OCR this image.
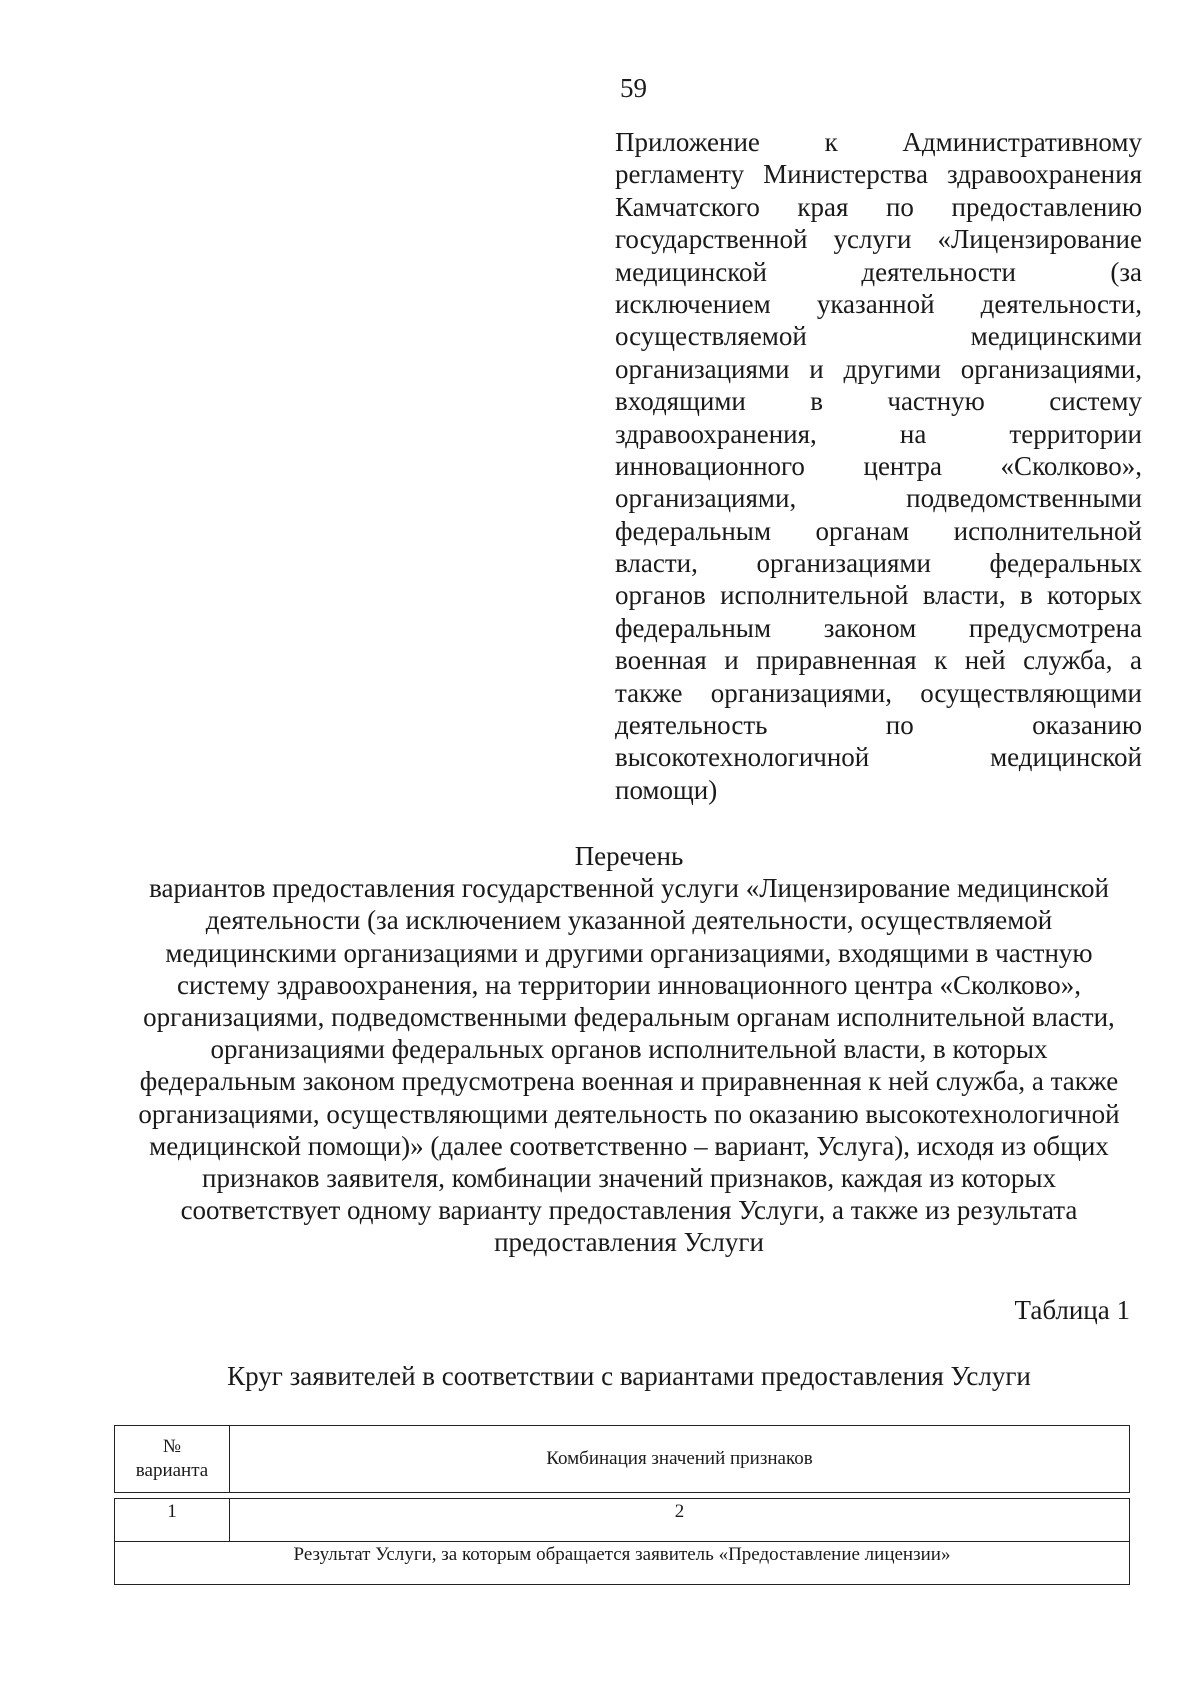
59
Приложение к Административному
регламенту Министерства здравоохранения
Камчатского края по предоставлению
государственной услуги «Лицензирование
медицинской деятельности (за
исключением указанной деятельности,
осуществляемой медицинскими
организациями и другими организациями,
входящими в частную систему
здравоохранения, на территории
инновационного центра «Сколково»,
организациями, подведомственными
федеральным органам исполнительной
власти, организациями федеральных
органов исполнительной власти, в которых
федеральным законом предусмотрена
военная и приравненная к ней служба, а
также организациями, осуществляющими
деятельность по оказанию
высокотехнологичной медицинской
помощи)
Перечень
вариантов предоставления государственной услуги «Лицензирование медицинской
деятельности (за исключением указанной деятельности, осуществляемой
медицинскими организациями и другими организациями, входящими в частную
систему здравоохранения, на территории инновационного центра «Сколково»,
организациями, подведомственными федеральным органам исполнительной власти,
организациями федеральных органов исполнительной власти, в которых
федеральным законом предусмотрена военная и приравненная к ней служба, а также
организациями, осуществляющими деятельность по оказанию высокотехнологичной
медицинской помощи)» (далее соответственно – вариант, Услуга), исходя из общих
признаков заявителя, комбинации значений признаков, каждая из которых
соответствует одному варианту предоставления Услуги, а также из результата
предоставления Услуги
Таблица 1
Круг заявителей в соответствии с вариантами предоставления Услуги
№
варианта	Комбинация значений признаков

1	2
Результат Услуги, за которым обращается заявитель «Предоставление лицензии»	
